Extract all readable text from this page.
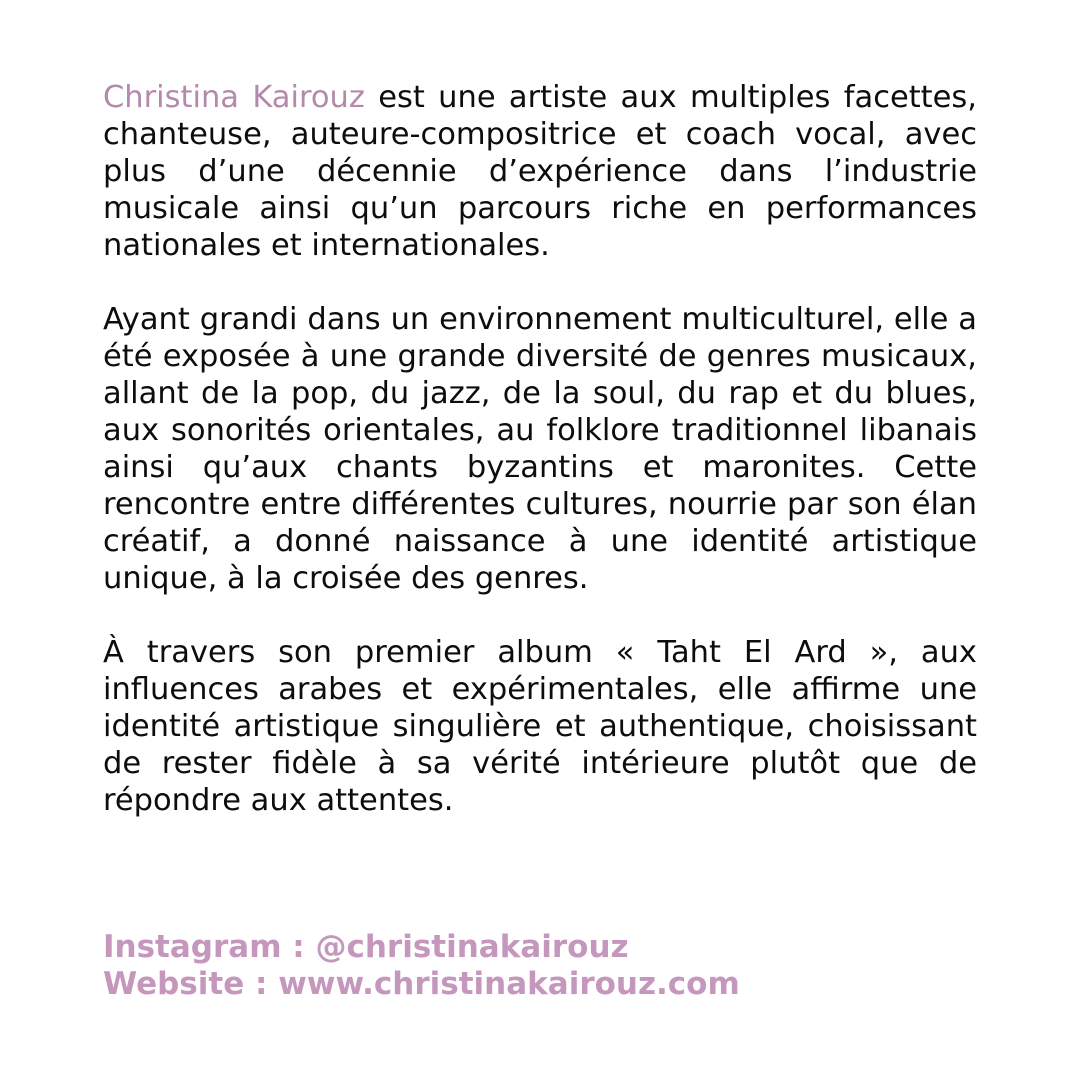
Christina Kairouz est une artiste aux multiples facettes, chanteuse, auteure-compositrice et coach vocal, avec plus d’une décennie d’expérience dans l’industrie musicale ainsi qu’un parcours riche en performances nationales et internationales.

Ayant grandi dans un environnement multiculturel, elle a été exposée à une grande diversité de genres musicaux, allant de la pop, du jazz, de la soul, du rap et du blues, aux sonorités orientales, au folklore traditionnel libanais ainsi qu’aux chants byzantins et maronites. Cette rencontre entre différentes cultures, nourrie par son élan créatif, a donné naissance à une identité artistique unique, à la croisée des genres.

À travers son premier album « Taht El Ard », aux influences arabes et expérimentales, elle affirme une identité artistique singulière et authentique, choisissant de rester fidèle à sa vérité intérieure plutôt que de répondre aux attentes.

Instagram : @christinakairouz
Website : www.christinakairouz.com
